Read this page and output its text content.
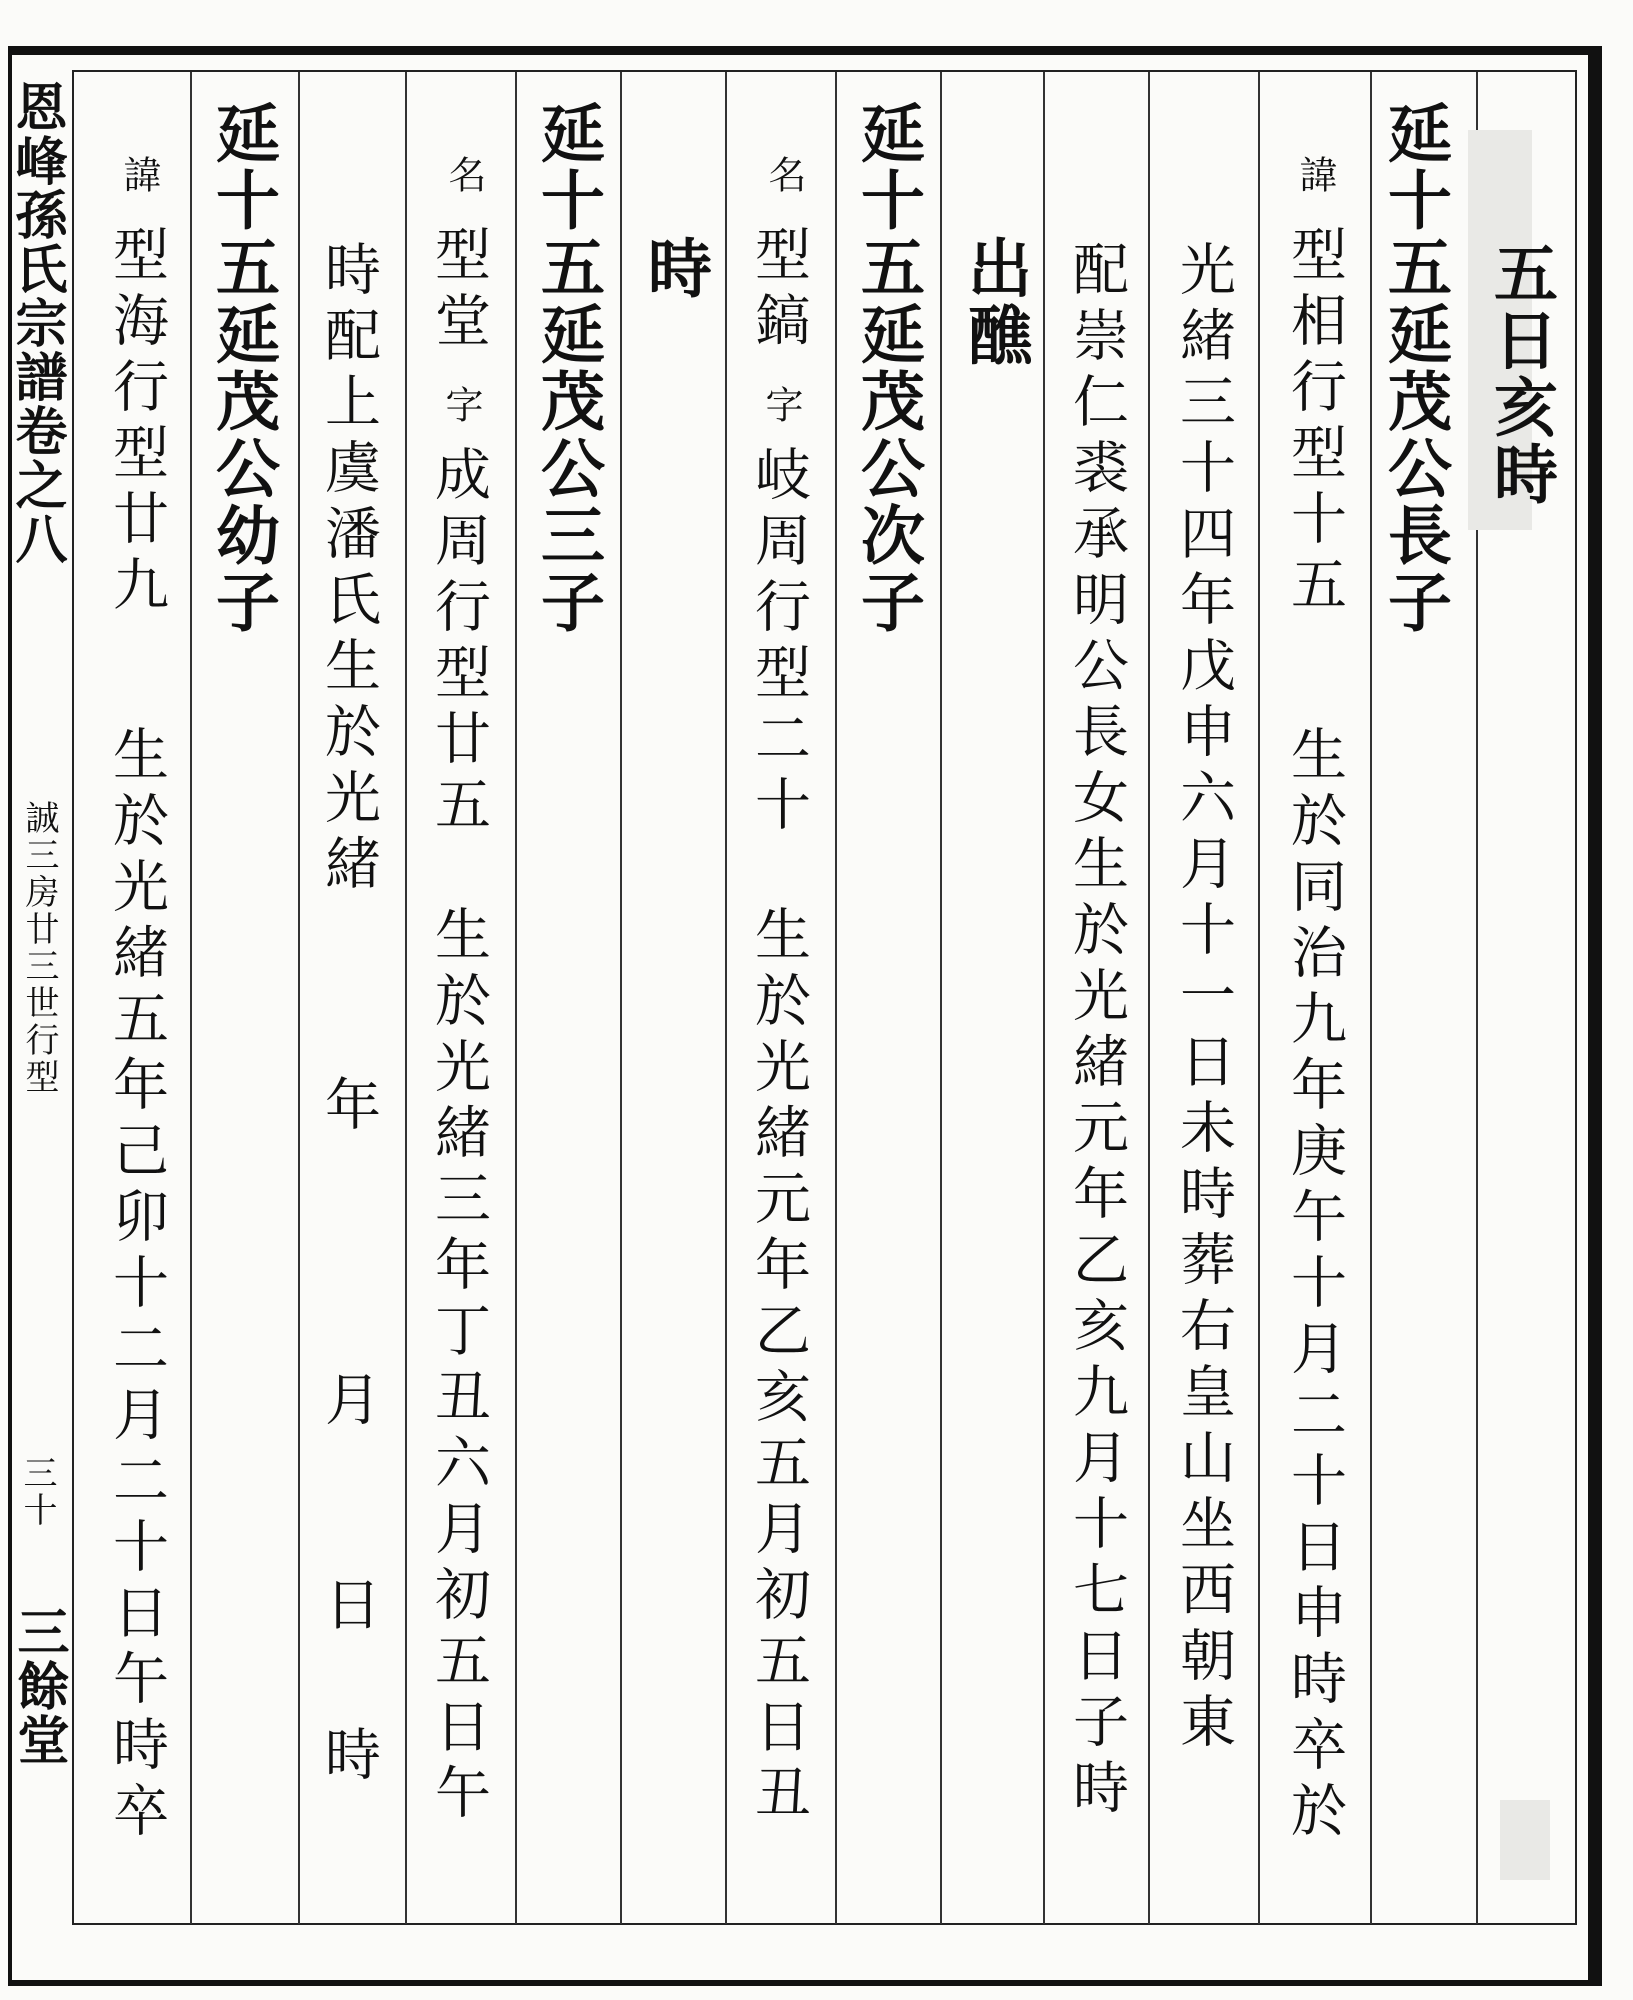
恩峰孫氏宗譜卷之八
誠三房廿三世行型
三十
三餘堂
五日亥時
延十五延茂公長子
諱
型相行型十五
生於同治九年庚午十月二十日申時卒於
光緒三十四年戊申六月十一日未時葬右皇山坐西朝東
配崇仁裘承明公長女生於光緒元年乙亥九月十七日子時
出醮
延十五延茂公次子
名
型鎬
字
岐周行型二十
生於光緒元年乙亥五月初五日丑
時
延十五延茂公三子
名
型堂
字
成周行型廿五
生於光緒三年丁丑六月初五日午
時配上虞潘氏生於光緒
年
月
日
時
延十五延茂公幼子
諱
型海行型廿九
生於光緒五年己卯十二月二十日午時卒
